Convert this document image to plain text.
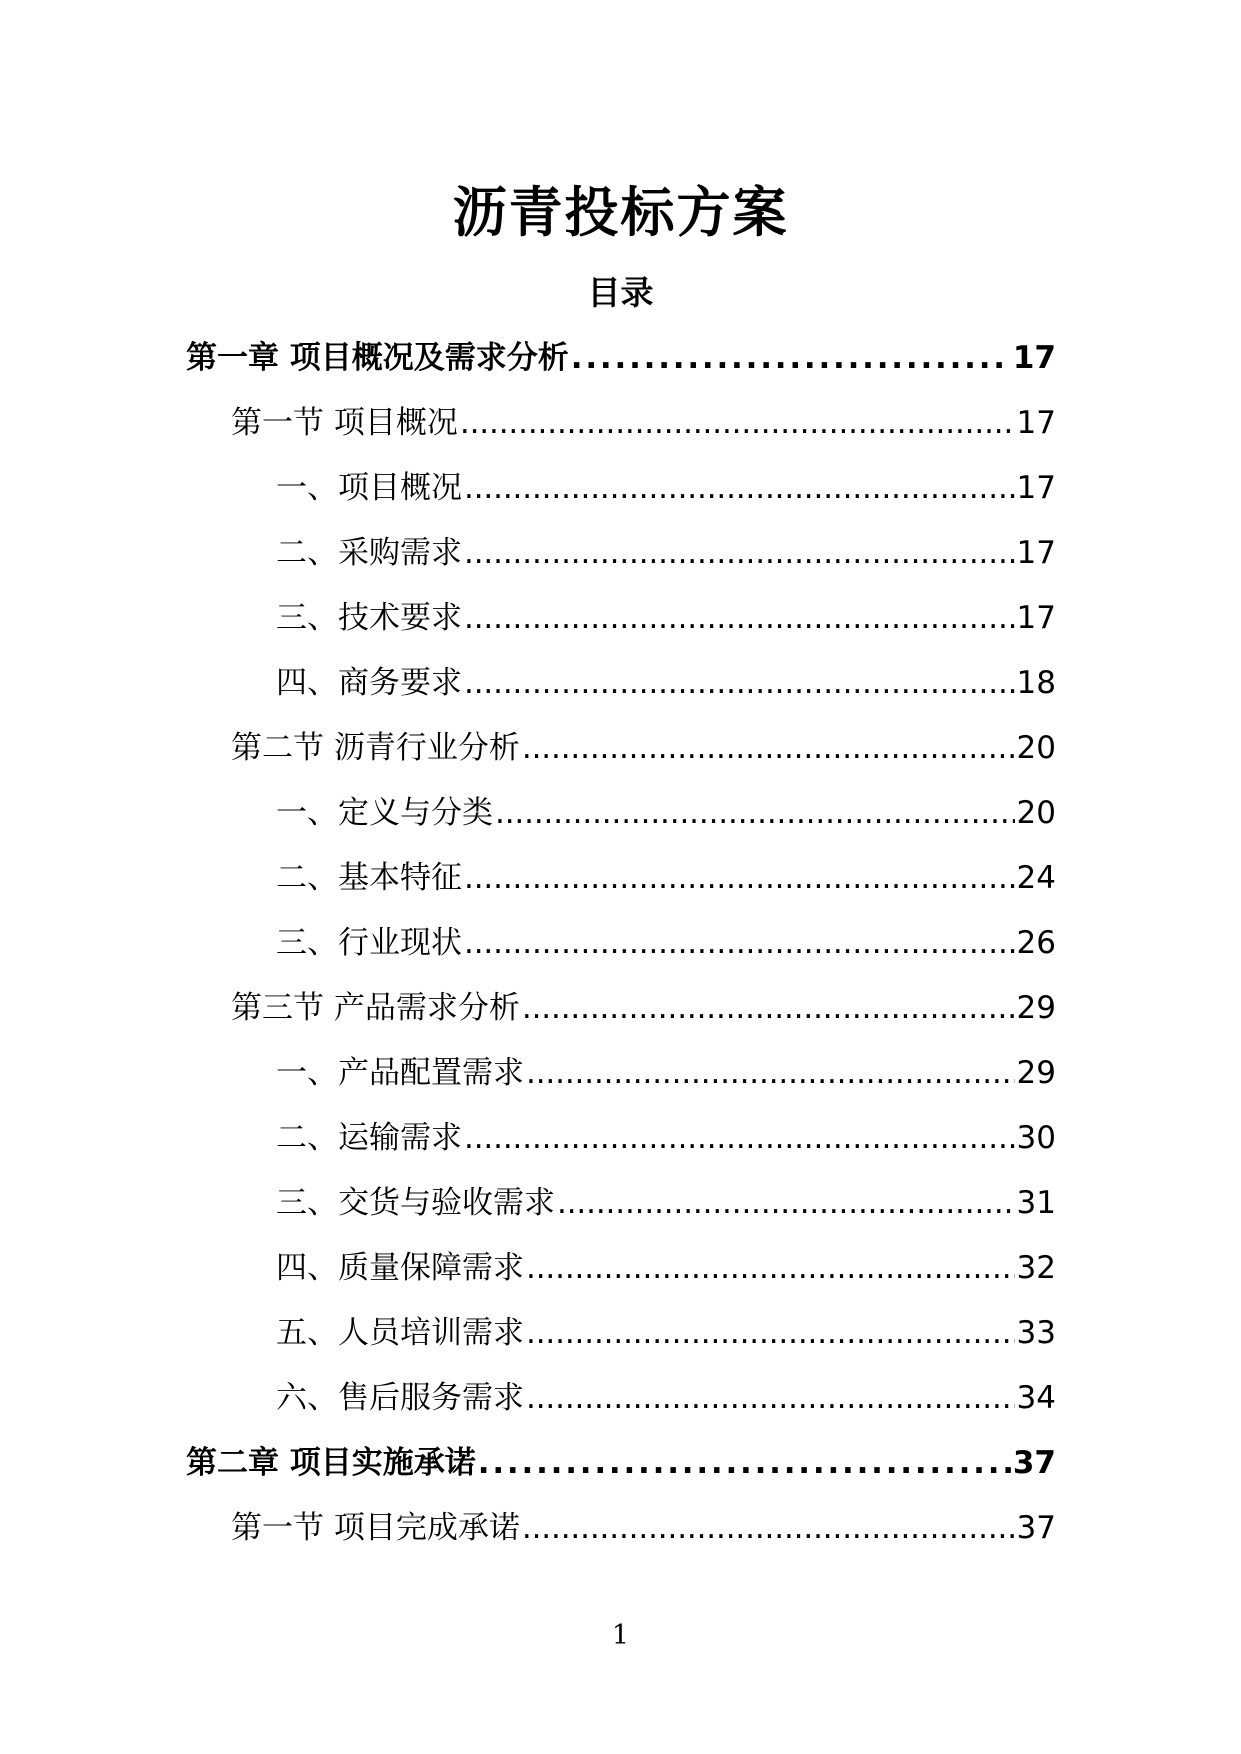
沥青投标方案
目录
第一章 项目概况及需求分析 . . .	17
第一节 项目概况 . . .	17
一、项目概况 . . .	17
二、采购需求 . . .	17
三、技术要求 . . .	17
四、商务要求 . . .	18
第二节 沥青行业分析 . . .	20
一、定义与分类 . . .	20
二、基本特征 . . .	24
三、行业现状 . . .	26
第三节 产品需求分析 . . .	29
一、产品配置需求 . . .	29
二、运输需求 . . .	30
三、交货与验收需求 . . .	31
四、质量保障需求 . . .	32
五、人员培训需求 . . .	33
六、售后服务需求 . . .	34
第二章 项目实施承诺 . . .	37
第一节 项目完成承诺 . . .	37
1
